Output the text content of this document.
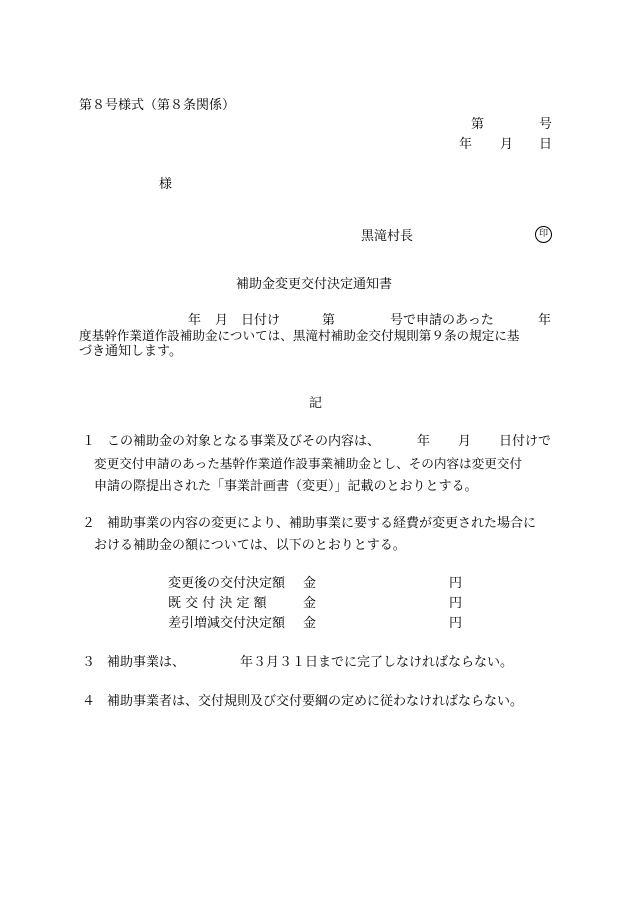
第８号様式（第８条関係）
第	号
年 月 日
様
黒滝村長	印
補助金変更交付決定通知書
年 月 日付け	第	号で申請のあった	年
度基幹作業道作設補助金については、黒滝村補助金交付規則第９条の規定に基
づき通知します。
記
１ この補助金の対象となる事業及びその内容は、	年 月 日付けで
変更交付申請のあった基幹作業道作設事業補助金とし、その内容は変更交付
申請の際提出された「事業計画書（変更）」記載のとおりとする。
２ 補助事業の内容の変更により、補助事業に要する経費が変更された場合に
おける補助金の額については、以下のとおりとする。
変更後の交付決定額 金	円
既 交 付 決 定 額	金	円
差引増減交付決定額 金	円
３ 補助事業は、	年３月３１日までに完了しなければならない。
４ 補助事業者は、交付規則及び交付要綱の定めに従わなければならない。
